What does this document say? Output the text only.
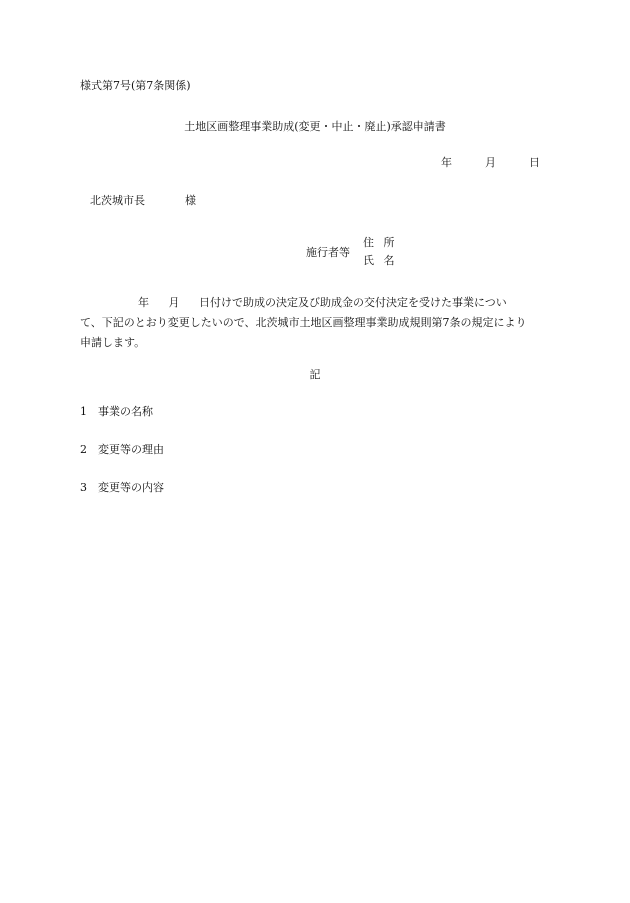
様式第7号(第7条関係)
土地区画整理事業助成(変更・中止・廃止)承認申請書
年	月	日
北茨城市長	様
施行者等
住 所
氏 名
年 月 日付けで助成の決定及び助成金の交付決定を受けた事業につい
て、下記のとおり変更したいので、北茨城市土地区画整理事業助成規則第7条の規定により
申請します。
記
1 事業の名称
2 変更等の理由
3 変更等の内容
